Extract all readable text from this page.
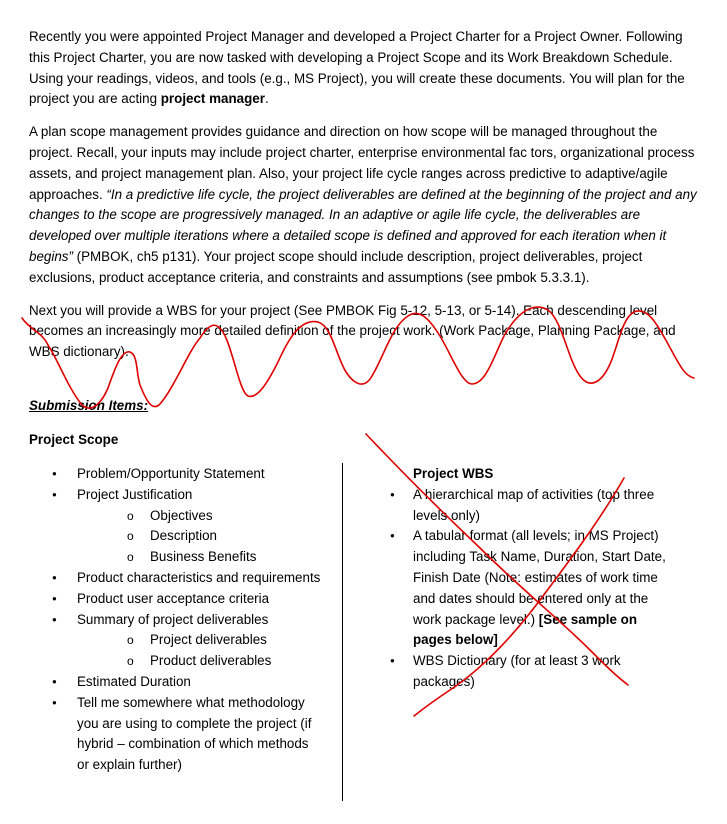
Recently you were appointed Project Manager and developed a Project Charter for a Project Owner. Following this Project Charter, you are now tasked with developing a Project Scope and its Work Breakdown Schedule. Using your readings, videos, and tools (e.g., MS Project), you will create these documents. You will plan for the project you are acting project manager.

A plan scope management provides guidance and direction on how scope will be managed throughout the project. Recall, your inputs may include project charter, enterprise environmental fac tors, organizational process assets, and project management plan. Also, your project life cycle ranges across predictive to adaptive/agile approaches. “In a predictive life cycle, the project deliverables are defined at the beginning of the project and any changes to the scope are progressively managed. In an adaptive or agile life cycle, the deliverables are developed over multiple iterations where a detailed scope is defined and approved for each iteration when it begins” (PMBOK, ch5 p131). Your project scope should include description, project deliverables, project exclusions, product acceptance criteria, and constraints and assumptions (see pmbok 5.3.3.1).

Next you will provide a WBS for your project (See PMBOK Fig 5-12, 5-13, or 5-14). Each descending level becomes an increasingly more detailed definition of the project work. (Work Package, Planning Package, and WBS dictionary).

Submission Items:
Project Scope
● Problem/Opportunity Statement
● Project Justification
o Objectives
o Description
o Business Benefits
● Product characteristics and requirements
● Product user acceptance criteria
● Summary of project deliverables
o Project deliverables
o Product deliverables
● Estimated Duration
● Tell me somewhere what methodology you are using to complete the project (if hybrid – combination of which methods or explain further)
Project WBS
● A hierarchical map of activities (top three levels only)
● A tabular format (all levels; in MS Project) including Task Name, Duration, Start Date, Finish Date (Note: estimates of work time and dates should be entered only at the work package level.) [See sample on pages below]
● WBS Dictionary (for at least 3 work packages)
